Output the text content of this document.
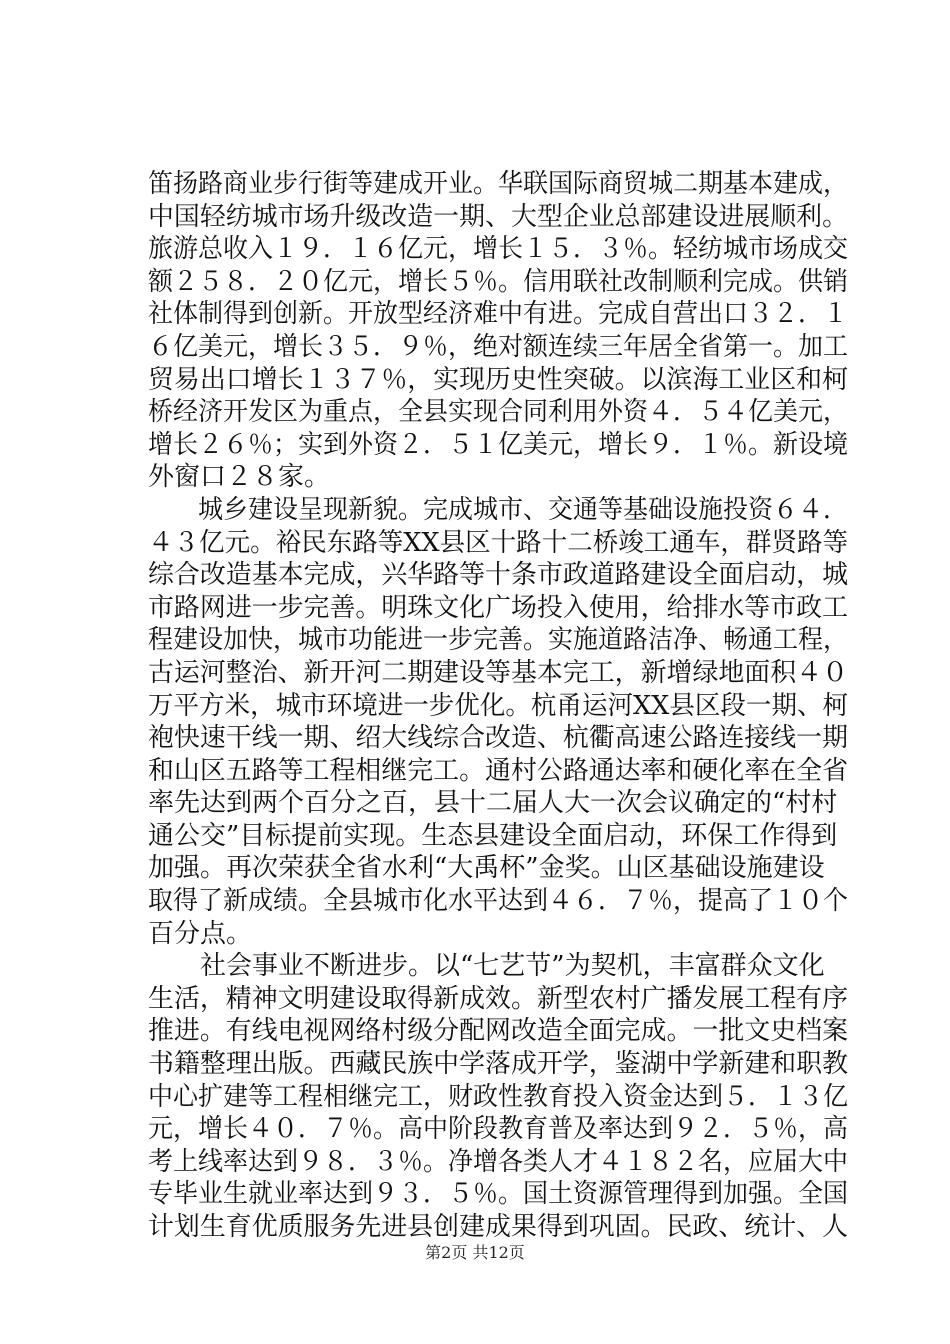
笛扬路商业步行街等建成开业。华联国际商贸城二期基本建成，
中国轻纺城市场升级改造一期、大型企业总部建设进展顺利。
旅游总收入１９．１６亿元，增长１５．３％。轻纺城市场成交
额２５８．２０亿元，增长５％。信用联社改制顺利完成。供销
社体制得到创新。开放型经济难中有进。完成自营出口３２．１
６亿美元，增长３５．９％，绝对额连续三年居全省第一。加工
贸易出口增长１３７％，实现历史性突破。以滨海工业区和柯
桥经济开发区为重点，全县实现合同利用外资４．５４亿美元，
增长２６％；实到外资２．５１亿美元，增长９．１％。新设境
外窗口２８家。
　　城乡建设呈现新貌。完成城市、交通等基础设施投资６４．
４３亿元。裕民东路等XX县区十路十二桥竣工通车，群贤路等
综合改造基本完成，兴华路等十条市政道路建设全面启动，城
市路网进一步完善。明珠文化广场投入使用，给排水等市政工
程建设加快，城市功能进一步完善。实施道路洁净、畅通工程，
古运河整治、新开河二期建设等基本完工，新增绿地面积４０
万平方米，城市环境进一步优化。杭甬运河XX县区段一期、柯
袍快速干线一期、绍大线综合改造、杭衢高速公路连接线一期
和山区五路等工程相继完工。通村公路通达率和硬化率在全省
率先达到两个百分之百，县十二届人大一次会议确定的“村村
通公交”目标提前实现。生态县建设全面启动，环保工作得到
加强。再次荣获全省水利“大禹杯”金奖。山区基础设施建设
取得了新成绩。全县城市化水平达到４６．７％，提高了１０个
百分点。
　　社会事业不断进步。以“七艺节”为契机，丰富群众文化
生活，精神文明建设取得新成效。新型农村广播发展工程有序
推进。有线电视网络村级分配网改造全面完成。一批文史档案
书籍整理出版。西藏民族中学落成开学，鉴湖中学新建和职教
中心扩建等工程相继完工，财政性教育投入资金达到５．１３亿
元，增长４０．７％。高中阶段教育普及率达到９２．５％，高
考上线率达到９８．３％。净增各类人才４１８２名，应届大中
专毕业生就业率达到９３．５％。国土资源管理得到加强。全国
计划生育优质服务先进县创建成果得到巩固。民政、统计、人
第2页 共12页
